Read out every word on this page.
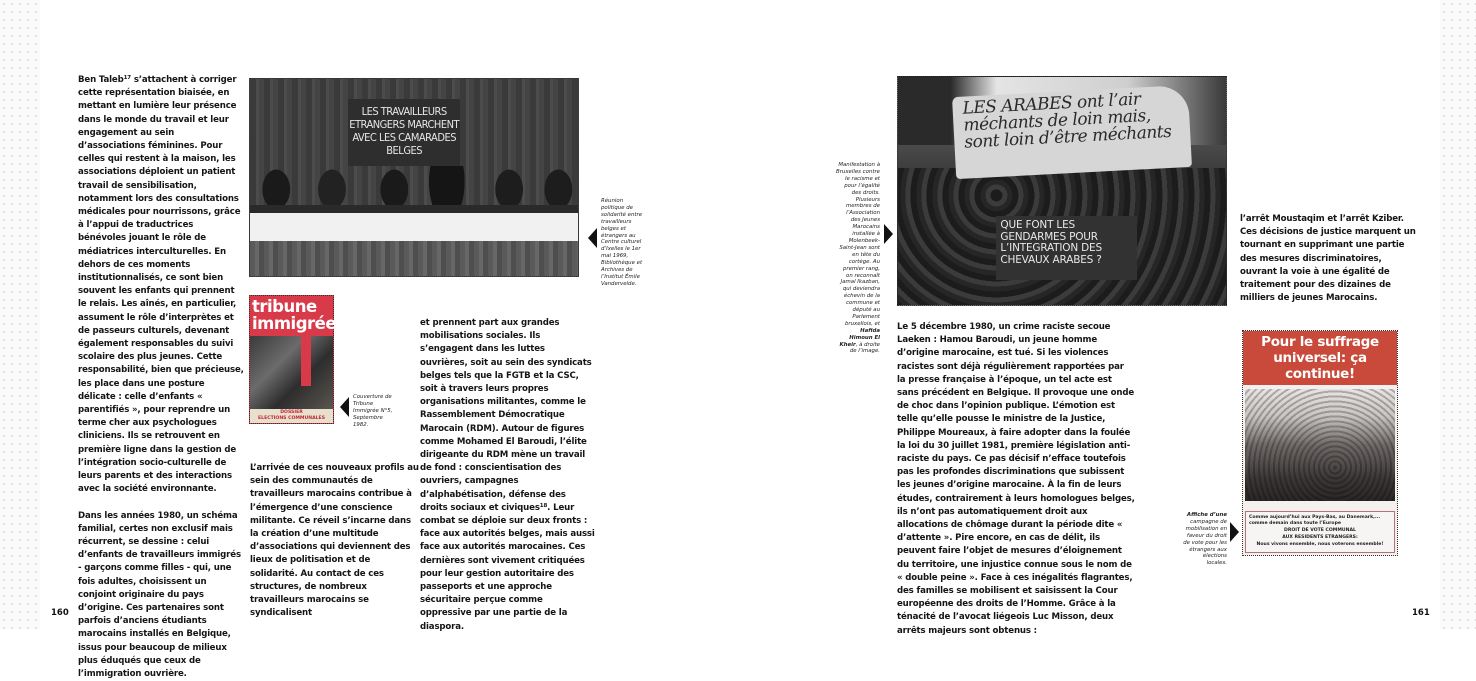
Ben Taleb$^{17}$ s’attachent à corriger cette représentation biaisée, en mettant en lumière leur présence dans le monde du travail et leur engagement au sein d’associations féminines. Pour celles qui restent à la maison, les associations déploient un patient travail de sensibilisation, notamment lors des consultations médicales pour nourrissons, grâce à l’appui de traductrices bénévoles jouant le rôle de médiatrices interculturelles. En dehors de ces moments institutionnalisés, ce sont bien souvent les enfants qui prennent le relais. Les aînés, en particulier, assument le rôle d’interprètes et de passeurs culturels, devenant également responsables du suivi scolaire des plus jeunes. Cette responsabilité, bien que précieuse, les place dans une posture délicate : celle d’enfants « parentifiés », pour reprendre un terme cher aux psychologues cliniciens. Ils se retrouvent en première ligne dans la gestion de l’intégration socio-culturelle de leurs parents et des interactions avec la société environnante.

Dans les années 1980, un schéma familial, certes non exclusif mais récurrent, se dessine : celui d’enfants de travailleurs immigrés - garçons comme filles - qui, une fois adultes, choisissent un conjoint originaire du pays d’origine. Ces partenaires sont parfois d’anciens étudiants marocains installés en Belgique, issus pour beaucoup de milieux plus éduqués que ceux de l’immigration ouvrière.

LES TRAVAILLEURS ETRANGERS MARCHENT AVEC LES CAMARADES BELGES
Réunion politique de solidarité entre travailleurs belges et étrangers au Centre culturel d’Ixelles le 1er mai 1969, Bibliothèque et Archives de l’Institut Émile Vandervelde.
tribune
immigrée
DOSSIER
ELECTIONS COMMUNALES
Couverture de Tribune Immigrée N°5, Septembre 1982.

L’arrivée de ces nouveaux profils au sein des communautés de travailleurs marocains contribue à l’émergence d’une conscience militante. Ce réveil s’incarne dans la création d’une multitude d’associations qui deviennent des lieux de politisation et de solidarité. Au contact de ces structures, de nombreux travailleurs marocains se syndicalisent

et prennent part aux grandes mobilisations sociales. Ils s’engagent dans les luttes ouvrières, soit au sein des syndicats belges tels que la FGTB et la CSC, soit à travers leurs propres organisations militantes, comme le Rassemblement Démocratique Marocain (RDM). Autour de figures comme Mohamed El Baroudi, l’élite dirigeante du RDM mène un travail de fond : conscientisation des ouvriers, campagnes d’alphabétisation, défense des droits sociaux et civiques$^{18}$. Leur combat se déploie sur deux fronts : face aux autorités belges, mais aussi face aux autorités marocaines. Ces dernières sont vivement critiquées pour leur gestion autoritaire des passeports et une approche sécuritaire perçue comme oppressive par une partie de la diaspora.

160
Manifestation à Bruxelles contre le racisme et pour l’égalité des droits. Plusieurs membres de l’Association des Jeunes Marocains installée à Molenbeek-Saint-Jean sont en tête du cortège. Au premier rang, on reconnaît Jamal Ikazban, qui deviendra échevin de la commune et député au Parlement bruxellois, et Hafida Himoun El Kheir, à droite de l’image.
LES ARABES ont l’air méchants de loin mais, sont loin d’être méchants
QUE FONT LES GENDARMES POUR L’INTEGRATION DES CHEVAUX ARABES ?

l’arrêt Moustaqim et l’arrêt Kziber. Ces décisions de justice marquent un tournant en supprimant une partie des mesures discriminatoires, ouvrant la voie à une égalité de traitement pour des dizaines de milliers de jeunes Marocains.

Le 5 décembre 1980, un crime raciste secoue Laeken : Hamou Baroudi, un jeune homme d’origine marocaine, est tué. Si les violences racistes sont déjà régulièrement rapportées par la presse française à l’époque, un tel acte est sans précédent en Belgique. Il provoque une onde de choc dans l’opinion publique. L’émotion est telle qu’elle pousse le ministre de la Justice, Philippe Moureaux, à faire adopter dans la foulée la loi du 30 juillet 1981, première législation anti-raciste du pays. Ce pas décisif n’efface toutefois pas les profondes discriminations que subissent les jeunes d’origine marocaine. À la fin de leurs études, contrairement à leurs homologues belges, ils n’ont pas automatiquement droit aux allocations de chômage durant la période dite « d’attente ». Pire encore, en cas de délit, ils peuvent faire l’objet de mesures d’éloignement du territoire, une injustice connue sous le nom de « double peine ». Face à ces inégalités flagrantes, des familles se mobilisent et saisissent la Cour européenne des droits de l’Homme. Grâce à la ténacité de l’avocat liégeois Luc Misson, deux arrêts majeurs sont obtenus :

Affiche d’une campagne de mobilisation en faveur du droit de vote pour les étrangers aux élections locales.
Pour le suffrage universel: ça continue!
Comme aujourd’hui aux Pays-Bas, au Danemark,...
comme demain dans toute l’Europe
DROIT DE VOTE COMMUNAL
AUX RESIDENTS ETRANGERS:
Nous vivons ensemble, nous voterons ensemble!
161
